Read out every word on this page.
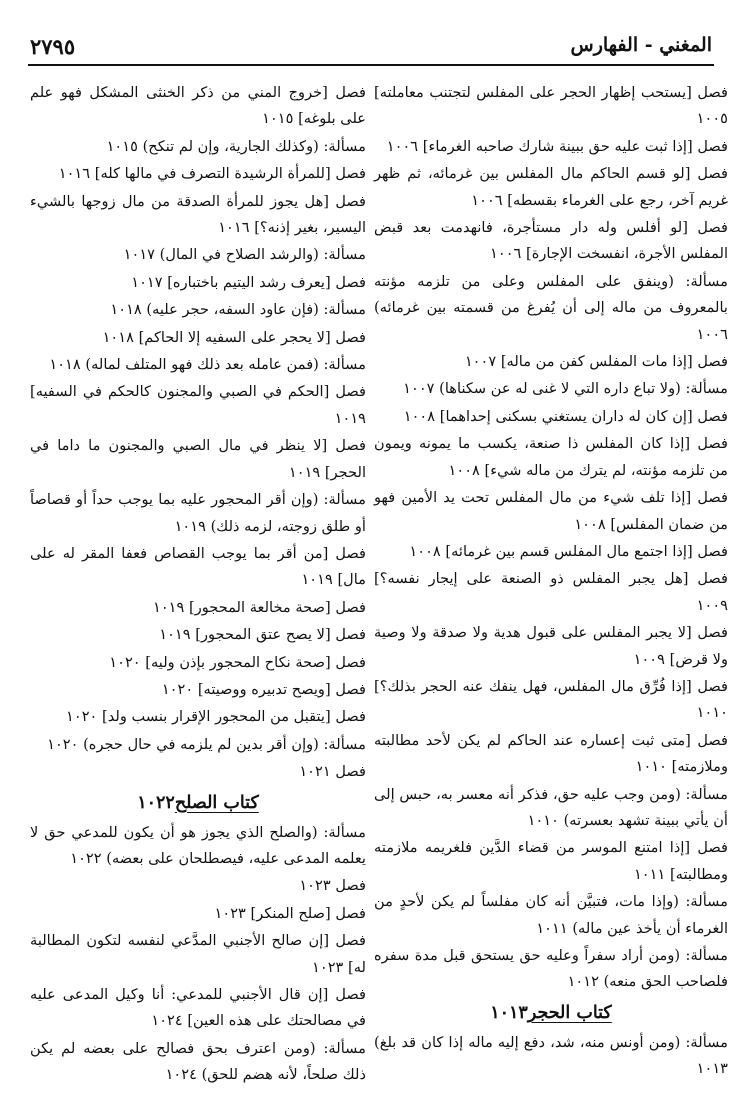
٢٧٩٥	المغني - الفهارس
فصل [يستحب إظهار الحجر على المفلس لتجتنب معاملته] ١٠٠٥
فصل [إذا ثبت عليه حق ببينة شارك صاحبه الغرماء] ١٠٠٦
فصل [لو قسم الحاكم مال المفلس بين غرمائه، ثم ظهر غريم آخر، رجع على الغرماء بقسطه] ١٠٠٦
فصل [لو أفلس وله دار مستأجرة، فانهدمت بعد قبض المفلس الأجرة، انفسخت الإجارة] ١٠٠٦
مسألة: (وينفق على المفلس وعلى من تلزمه مؤنته بالمعروف من ماله إلى أن يُفرغ من قسمته بين غرمائه) ١٠٠٦
فصل [إذا مات المفلس كفن من ماله] ١٠٠٧
مسألة: (ولا تباع داره التي لا غنى له عن سكناها) ١٠٠٧
فصل [إن كان له داران يستغني بسكنى إحداهما] ١٠٠٨
فصل [إذا كان المفلس ذا صنعة، يكسب ما يمونه ويمون من تلزمه مؤنته، لم يترك من ماله شيء] ١٠٠٨
فصل [إذا تلف شيء من مال المفلس تحت يد الأمين فهو من ضمان المفلس] ١٠٠٨
فصل [إذا اجتمع مال المفلس قسم بين غرمائه] ١٠٠٨
فصل [هل يجبر المفلس ذو الصنعة على إيجار نفسه؟] ١٠٠٩
فصل [لا يجبر المفلس على قبول هدية ولا صدقة ولا وصية ولا قرض] ١٠٠٩
فصل [إذا فُرِّق مال المفلس، فهل ينفك عنه الحجر بذلك؟] ١٠١٠
فصل [متى ثبت إعساره عند الحاكم لم يكن لأحد مطالبته وملازمته] ١٠١٠
مسألة: (ومن وجب عليه حق، فذكر أنه معسر به، حبس إلى أن يأتي ببينة تشهد بعسرته) ١٠١٠
فصل [إذا امتنع الموسر من قضاء الدَّين فلغريمه ملازمته ومطالبته] ١٠١١
مسألة: (وإذا مات، فتبيَّن أنه كان مفلساً لم يكن لأحدٍ من الغرماء أن يأخذ عين ماله) ١٠١١
مسألة: (ومن أراد سفراً وعليه حق يستحق قبل مدة سفره فلصاحب الحق منعه) ١٠١٢
كتاب الحجر١٠١٣
مسألة: (ومن أونس منه، شد، دفع إليه ماله إذا كان قد بلغ) ١٠١٣
فصل [خروج المني من ذكر الخنثى المشكل فهو علم على بلوغه] ١٠١٥
مسألة: (وكذلك الجارية، وإن لم تنكح) ١٠١٥
فصل [للمرأة الرشيدة التصرف في مالها كله] ١٠١٦
فصل [هل يجوز للمرأة الصدقة من مال زوجها بالشيء اليسير، بغير إذنه؟] ١٠١٦
مسألة: (والرشد الصلاح في المال) ١٠١٧
فصل [يعرف رشد اليتيم باختباره] ١٠١٧
مسألة: (فإن عاود السفه، حجر عليه) ١٠١٨
فصل [لا يحجر على السفيه إلا الحاكم] ١٠١٨
مسألة: (فمن عامله بعد ذلك فهو المتلف لماله) ١٠١٨
فصل [الحكم في الصبي والمجنون كالحكم في السفيه] ١٠١٩
فصل [لا ينظر في مال الصبي والمجنون ما داما في الحجر] ١٠١٩
مسألة: (وإن أقر المحجور عليه بما يوجب حداً أو قصاصاً أو طلق زوجته، لزمه ذلك) ١٠١٩
فصل [من أقر بما يوجب القصاص فعفا المقر له على مال] ١٠١٩
فصل [صحة مخالعة المحجور] ١٠١٩
فصل [لا يصح عتق المحجور] ١٠١٩
فصل [صحة نكاح المحجور بإذن وليه] ١٠٢٠
فصل [ويصح تدبيره ووصيته] ١٠٢٠
فصل [يتقبل من المحجور الإقرار بنسب ولد] ١٠٢٠
مسألة: (وإن أقر بدين لم يلزمه في حال حجره) ١٠٢٠
فصل ١٠٢١
كتاب الصلح١٠٢٢
مسألة: (والصلح الذي يجوز هو أن يكون للمدعي حق لا يعلمه المدعى عليه، فيصطلحان على بعضه) ١٠٢٢
فصل ١٠٢٣
فصل [صلح المنكر] ١٠٢٣
فصل [إن صالح الأجنبي المدَّعي لنفسه لتكون المطالبة له] ١٠٢٣
فصل [إن قال الأجنبي للمدعي: أنا وكيل المدعى عليه في مصالحتك على هذه العين] ١٠٢٤
مسألة: (ومن اعترف بحق فصالح على بعضه لم يكن ذلك صلحاً، لأنه هضم للحق) ١٠٢٤
